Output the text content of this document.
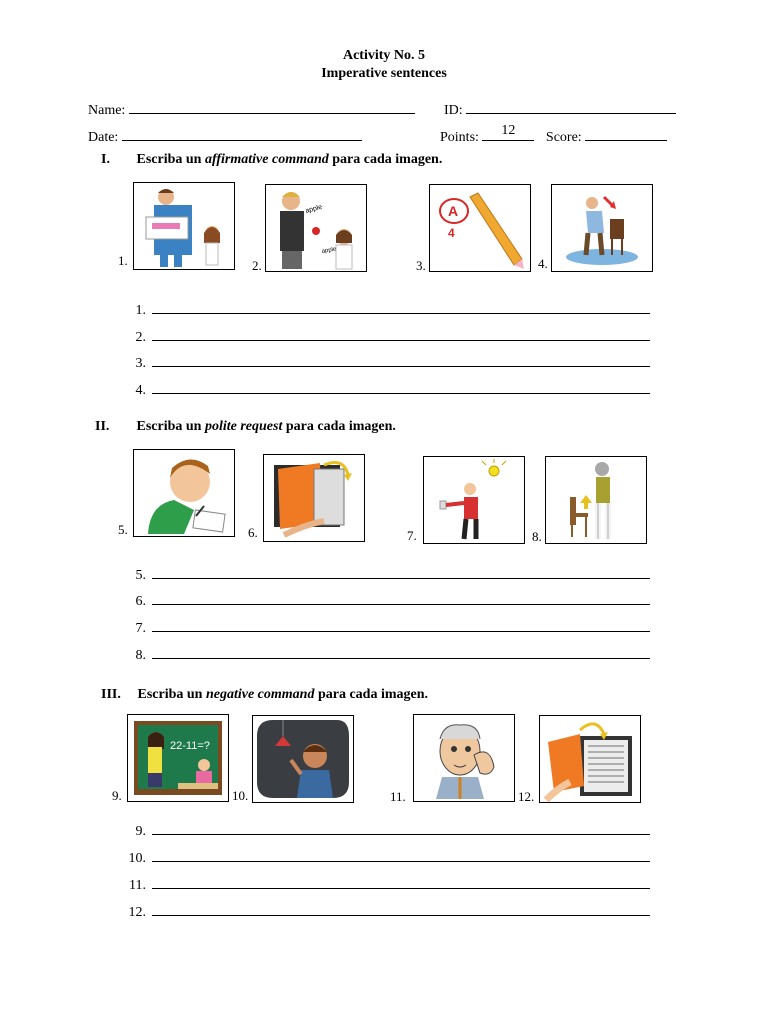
Activity No. 5
Imperative sentences
Name:	ID:
Date:	Points:	12	Score:
I. Escriba un affirmative command para cada imagen.
1.	2.
apple
apple
3.
A
4
4.
1.
2.
3.
4.
II. Escriba un polite request para cada imagen.
5.	6.	7.	8.
5.
6.
7.
8.
III. Escriba un negative command para cada imagen.
9.
22-11=?
10.	11.	12.
9.
10.
11.
12.
